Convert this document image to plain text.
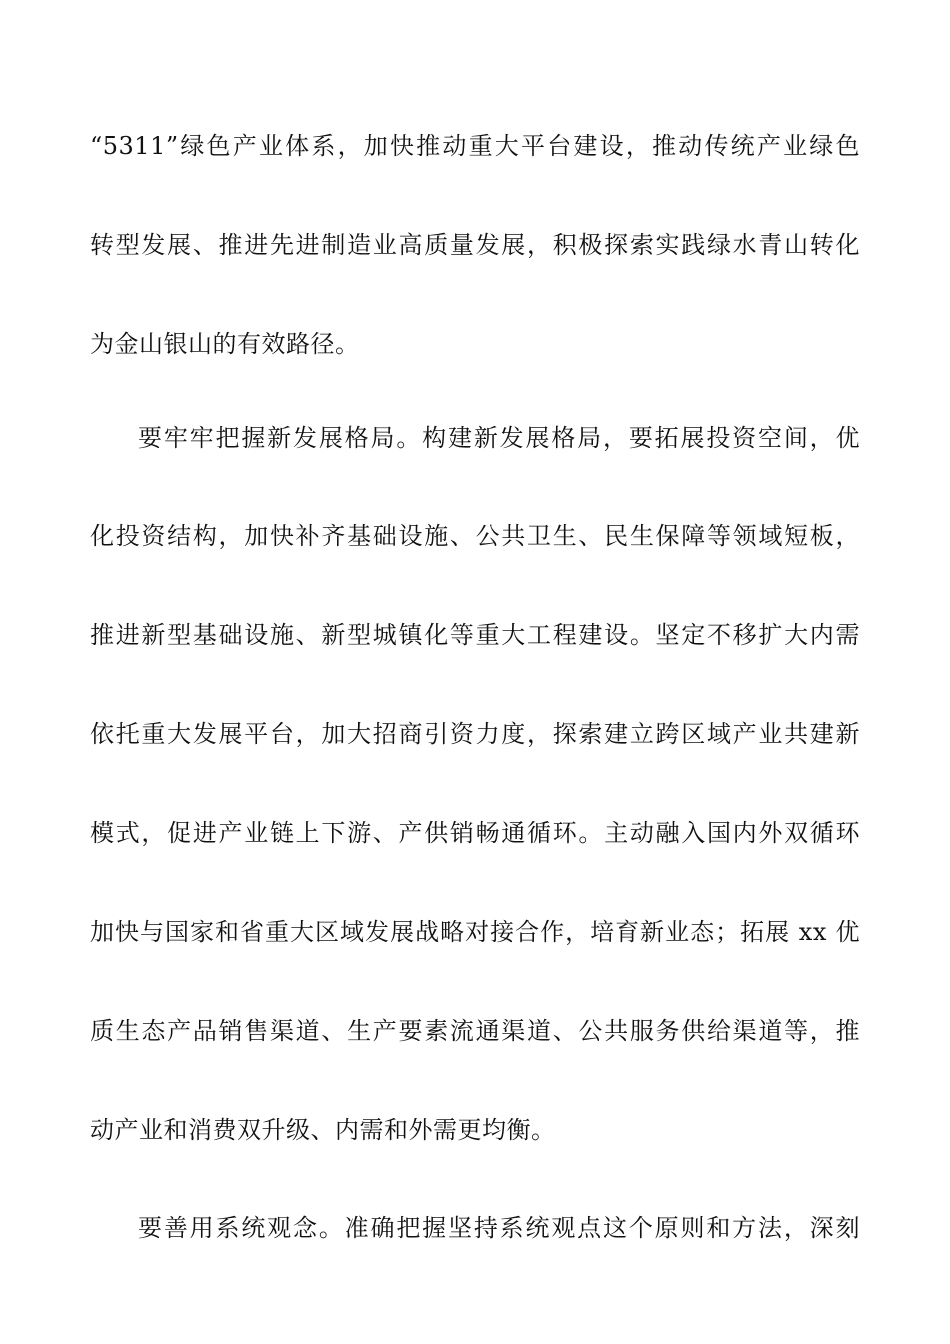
“5311”绿色产业体系，加快推动重大平台建设，推动传统产业绿色

转型发展、推进先进制造业高质量发展，积极探索实践绿水青山转化

为金山银山的有效路径。

要牢牢把握新发展格局。构建新发展格局，要拓展投资空间，优

化投资结构，加快补齐基础设施、公共卫生、民生保障等领域短板，

推进新型基础设施、新型城镇化等重大工程建设。坚定不移扩大内需

依托重大发展平台，加大招商引资力度，探索建立跨区域产业共建新

模式，促进产业链上下游、产供销畅通循环。主动融入国内外双循环

加快与国家和省重大区域发展战略对接合作，培育新业态；拓展 xx 优

质生态产品销售渠道、生产要素流通渠道、公共服务供给渠道等，推

动产业和消费双升级、内需和外需更均衡。

要善用系统观念。准确把握坚持系统观点这个原则和方法，深刻
